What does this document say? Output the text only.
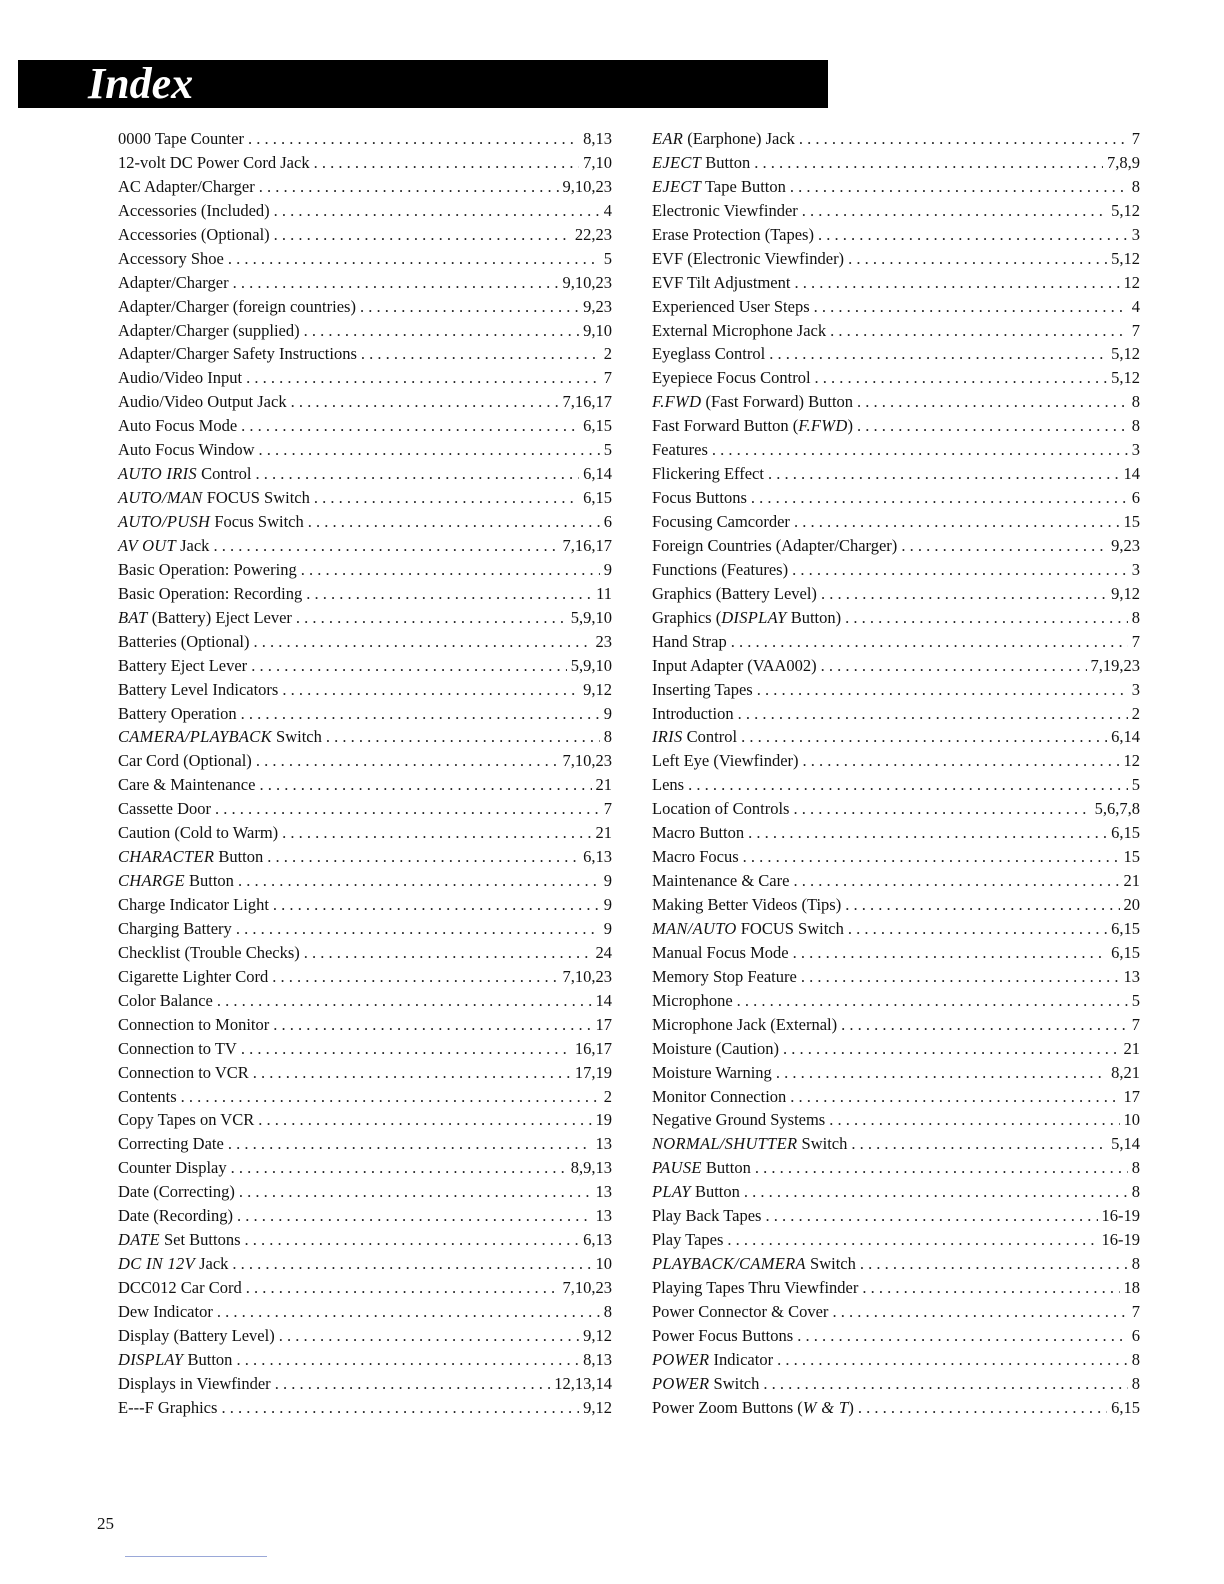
Index
0000 Tape Counter . . .	8,13
12-volt DC Power Cord Jack . . .	7,10
AC Adapter/Charger . . .	9,10,23
Accessories (Included) . . .	4
Accessories (Optional) . . .	22,23
Accessory Shoe . . .	5
Adapter/Charger . . .	9,10,23
Adapter/Charger (foreign countries) . . .	9,23
Adapter/Charger (supplied) . . .	9,10
Adapter/Charger Safety Instructions . . .	2
Audio/Video Input . . .	7
Audio/Video Output Jack . . .	7,16,17
Auto Focus Mode . . .	6,15
Auto Focus Window . . .	5
AUTO IRIS Control . . .	6,14
AUTO/MAN FOCUS Switch . . .	6,15
AUTO/PUSH Focus Switch . . .	6
AV OUT Jack . . .	7,16,17
Basic Operation: Powering . . .	9
Basic Operation: Recording . . .	11
BAT (Battery) Eject Lever . . .	5,9,10
Batteries (Optional) . . .	23
Battery Eject Lever . . .	5,9,10
Battery Level Indicators . . .	9,12
Battery Operation . . .	9
CAMERA/PLAYBACK Switch . . .	8
Car Cord (Optional) . . .	7,10,23
Care & Maintenance . . .	21
Cassette Door . . .	7
Caution (Cold to Warm) . . .	21
CHARACTER Button . . .	6,13
CHARGE Button . . .	9
Charge Indicator Light . . .	9
Charging Battery . . .	9
Checklist (Trouble Checks) . . .	24
Cigarette Lighter Cord . . .	7,10,23
Color Balance . . .	14
Connection to Monitor . . .	17
Connection to TV . . .	16,17
Connection to VCR . . .	17,19
Contents . . .	2
Copy Tapes on VCR . . .	19
Correcting Date . . .	13
Counter Display . . .	8,9,13
Date (Correcting) . . .	13
Date (Recording) . . .	13
DATE Set Buttons . . .	6,13
DC IN 12V Jack . . .	10
DCC012 Car Cord . . .	7,10,23
Dew Indicator . . .	8
Display (Battery Level) . . .	9,12
DISPLAY Button . . .	8,13
Displays in Viewfinder . . .	12,13,14
E---F Graphics . . .	9,12
EAR (Earphone) Jack . . .	7
EJECT Button . . .	7,8,9
EJECT Tape Button . . .	8
Electronic Viewfinder . . .	5,12
Erase Protection (Tapes) . . .	3
EVF (Electronic Viewfinder) . . .	5,12
EVF Tilt Adjustment . . .	12
Experienced User Steps . . .	4
External Microphone Jack . . .	7
Eyeglass Control . . .	5,12
Eyepiece Focus Control . . .	5,12
F.FWD (Fast Forward) Button . . .	8
Fast Forward Button (F.FWD) . . .	8
Features . . .	3
Flickering Effect . . .	14
Focus Buttons . . .	6
Focusing Camcorder . . .	15
Foreign Countries (Adapter/Charger) . . .	9,23
Functions (Features) . . .	3
Graphics (Battery Level) . . .	9,12
Graphics (DISPLAY Button) . . .	8
Hand Strap . . .	7
Input Adapter (VAA002) . . .	7,19,23
Inserting Tapes . . .	3
Introduction . . .	2
IRIS Control . . .	6,14
Left Eye (Viewfinder) . . .	12
Lens . . .	5
Location of Controls . . .	5,6,7,8
Macro Button . . .	6,15
Macro Focus . . .	15
Maintenance & Care . . .	21
Making Better Videos (Tips) . . .	20
MAN/AUTO FOCUS Switch . . .	6,15
Manual Focus Mode . . .	6,15
Memory Stop Feature . . .	13
Microphone . . .	5
Microphone Jack (External) . . .	7
Moisture (Caution) . . .	21
Moisture Warning . . .	8,21
Monitor Connection . . .	17
Negative Ground Systems . . .	10
NORMAL/SHUTTER Switch . . .	5,14
PAUSE Button . . .	8
PLAY Button . . .	8
Play Back Tapes . . .	16-19
Play Tapes . . .	16-19
PLAYBACK/CAMERA Switch . . .	8
Playing Tapes Thru Viewfinder . . .	18
Power Connector & Cover . . .	7
Power Focus Buttons . . .	6
POWER Indicator . . .	8
POWER Switch . . .	8
Power Zoom Buttons (W & T) . . .	6,15
25
